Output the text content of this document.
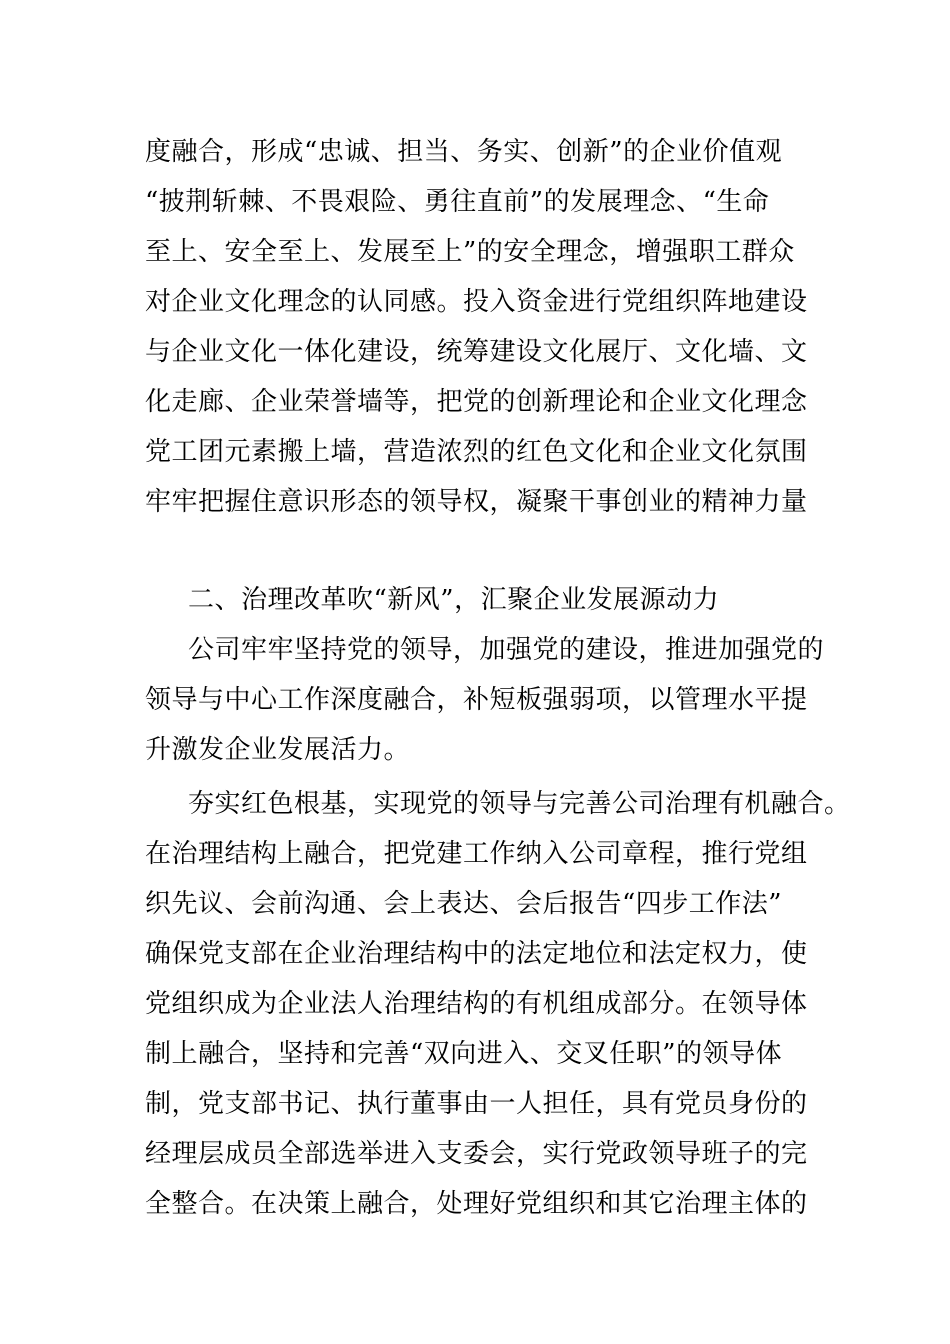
度融合，形成“忠诚、担当、务实、创新”的企业价值观
“披荆斩棘、不畏艰险、勇往直前”的发展理念、“生命
至上、安全至上、发展至上”的安全理念，增强职工群众
对企业文化理念的认同感。投入资金进行党组织阵地建设
与企业文化一体化建设，统筹建设文化展厅、文化墙、文
化走廊、企业荣誉墙等，把党的创新理论和企业文化理念
党工团元素搬上墙，营造浓烈的红色文化和企业文化氛围
牢牢把握住意识形态的领导权，凝聚干事创业的精神力量
二、治理改革吹“新风”，汇聚企业发展源动力
公司牢牢坚持党的领导，加强党的建设，推进加强党的
领导与中心工作深度融合，补短板强弱项，以管理水平提
升激发企业发展活力。
夯实红色根基，实现党的领导与完善公司治理有机融合。
在治理结构上融合，把党建工作纳入公司章程，推行党组
织先议、会前沟通、会上表达、会后报告“四步工作法”
确保党支部在企业治理结构中的法定地位和法定权力，使
党组织成为企业法人治理结构的有机组成部分。在领导体
制上融合，坚持和完善“双向进入、交叉任职”的领导体
制，党支部书记、执行董事由一人担任，具有党员身份的
经理层成员全部选举进入支委会，实行党政领导班子的完
全整合。在决策上融合，处理好党组织和其它治理主体的
